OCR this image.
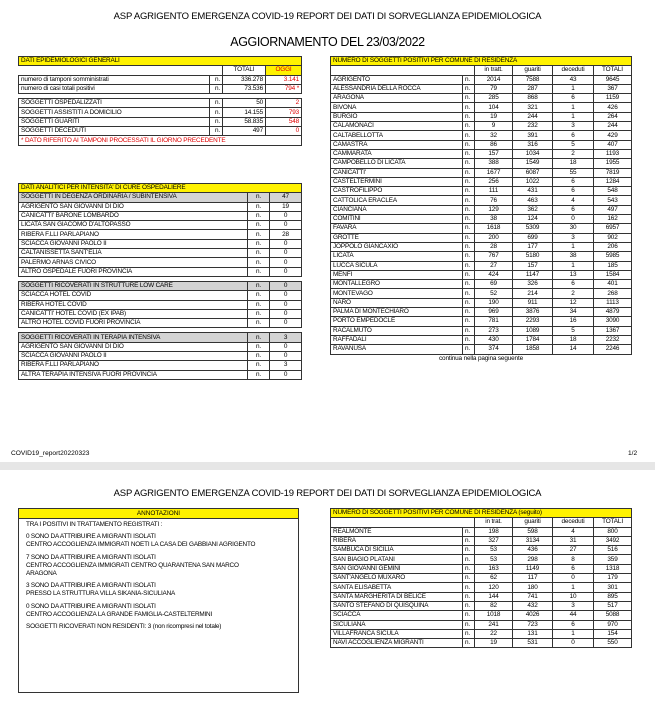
ASP AGRIGENTO EMERGENZA COVID-19 REPORT DEI DATI DI SORVEGLIANZA EPIDEMIOLOGICA
AGGIORNAMENTO DEL 23/03/2022
DATI EPIDEMIOLOGICI GENERALI			
		TOTALI	OGGI
numero di tamponi somministrati	n.	336.278	3.141
numero di casi totali positivi	n.	73.536	794 *

SOGGETTI OSPEDALIZZATI	n.	50	2
SOGGETTI ASSISTITI A DOMICILIO	n.	14.155	793
SOGGETTI GUARITI	n.	58.835	548
SOGGETTI DECEDUTI	n.	497	0
* DATO RIFERITO AI TAMPONI PROCESSATI IL GIORNO PRECEDENTE			
DATI ANALITICI PER INTENSITA' DI CURE OSPEDALIERE		
SOGGETTI IN DEGENZA ORDINARIA / SUBINTENSIVA	n.	47
AGRIGENTO SAN GIOVANNI DI DIO	n.	19
CANICATTI' BARONE LOMBARDO	n.	0
LICATA SAN GIACOMO D'ALTOPASSO	n.	0
RIBERA F.LLI PARLAPIANO	n.	28
SCIACCA GIOVANNI PAOLO II	n.	0
CALTANISSETTA SANT'ELIA	n.	0
PALERMO ARNAS CIVICO	n.	0
ALTRO OSPEDALE FUORI PROVINCIA	n.	0

SOGGETTI RICOVERATI IN STRUTTURE LOW CARE	n.	0
SCIACCA HOTEL COVID	n.	0
RIBERA HOTEL COVID	n.	0
CANICATTI' HOTEL COVID (EX IPAB)	n.	0
ALTRO HOTEL COVID FUORI PROVINCIA	n.	0

SOGGETTI RICOVERATI IN TERAPIA INTENSIVA	n.	3
AGRIGENTO SAN GIOVANNI DI DIO	n.	0
SCIACCA GIOVANNI PAOLO II	n.	0
RIBERA F.LLI PARLAPIANO	n.	3
ALTRA TERAPIA INTENSIVA FUORI PROVINCIA	n.	0
NUMERO DI SOGGETTI POSITIVI PER COMUNE DI RESIDENZA					
		in tratt.	guariti	deceduti	TOTALI
AGRIGENTO	n.	2014	7588	43	9645
ALESSANDRIA DELLA ROCCA	n.	79	287	1	367
ARAGONA	n.	285	868	6	1159
BIVONA	n.	104	321	1	426
BURGIO	n.	19	244	1	264
CALAMONACI	n.	9	232	3	244
CALTABELLOTTA	n.	32	391	6	429
CAMASTRA	n.	86	316	5	407
CAMMARATA	n.	157	1034	2	1193
CAMPOBELLO DI LICATA	n.	388	1549	18	1955
CANICATTI'	n.	1677	6087	55	7819
CASTELTERMINI	n.	256	1022	6	1284
CASTROFILIPPO	n.	111	431	6	548
CATTOLICA ERACLEA	n.	76	463	4	543
CIANCIANA	n.	129	362	6	497
COMITINI	n.	38	124	0	162
FAVARA	n.	1618	5309	30	6957
GROTTE	n.	200	699	3	902
JOPPOLO GIANCAXIO	n.	28	177	1	206
LICATA	n.	767	5180	38	5985
LUCCA SICULA	n.	27	157	1	185
MENFI	n.	424	1147	13	1584
MONTALLEGRO	n.	69	326	6	401
MONTEVAGO	n.	52	214	2	268
NARO	n.	190	911	12	1113
PALMA DI MONTECHIARO	n.	969	3876	34	4879
PORTO EMPEDOCLE	n.	781	2293	16	3090
RACALMUTO	n.	273	1089	5	1367
RAFFADALI	n.	430	1784	18	2232
RAVANUSA	n.	374	1858	14	2246
continua nella pagina seguente					
COVID19_report20220323	1/2
ASP AGRIGENTO EMERGENZA COVID-19 REPORT DEI DATI DI SORVEGLIANZA EPIDEMIOLOGICA
ANNOTAZIONI

TRA I POSITIVI IN TRATTAMENTO REGISTRATI :

0 SONO DA ATTRIBUIRE A MIGRANTI ISOLATI

CENTRO ACCOGLIENZA IMMIGRATI NOETI LA CASA DEI GABBIANI AGRIGENTO

7 SONO DA ATTRIBUIRE A MIGRANTI ISOLATI

CENTRO ACCOGLIENZA IMMIGRATI CENTRO QUARANTENA SAN MARCO

ARAGONA

3 SONO DA ATTRIBUIRE A MIGRANTI ISOLATI

PRESSO LA STRUTTURA VILLA SIKANIA-SICULIANA

0 SONO DA ATTRIBUIRE A MIGRANTI ISOLATI

CENTRO ACCOGLIENZA LA GRANDE FAMIGLIA-CASTELTERMINI

SOGGETTI RICOVERATI NON RESIDENTI: 3 (non ricompresi nel totale)

NUMERO DI SOGGETTI POSITIVI PER COMUNE DI RESIDENZA (seguito)					
		in trat.	guariti	deceduti	TOTALI
REALMONTE	n.	198	598	4	800
RIBERA	n.	327	3134	31	3492
SAMBUCA DI SICILIA	n.	53	436	27	516
SAN BIAGIO PLATANI	n.	53	298	8	359
SAN GIOVANNI GEMINI	n.	163	1149	6	1318
SANT'ANGELO MUXARO	n.	62	117	0	179
SANTA ELISABETTA	n.	120	180	1	301
SANTA MARGHERITA DI BELICE	n.	144	741	10	895
SANTO STEFANO DI QUISQUINA	n.	82	432	3	517
SCIACCA	n.	1018	4026	44	5088
SICULIANA	n.	241	723	6	970
VILLAFRANCA SICULA	n.	22	131	1	154
NAVI ACCOGLIENZA MIGRANTI	n.	19	531	0	550
